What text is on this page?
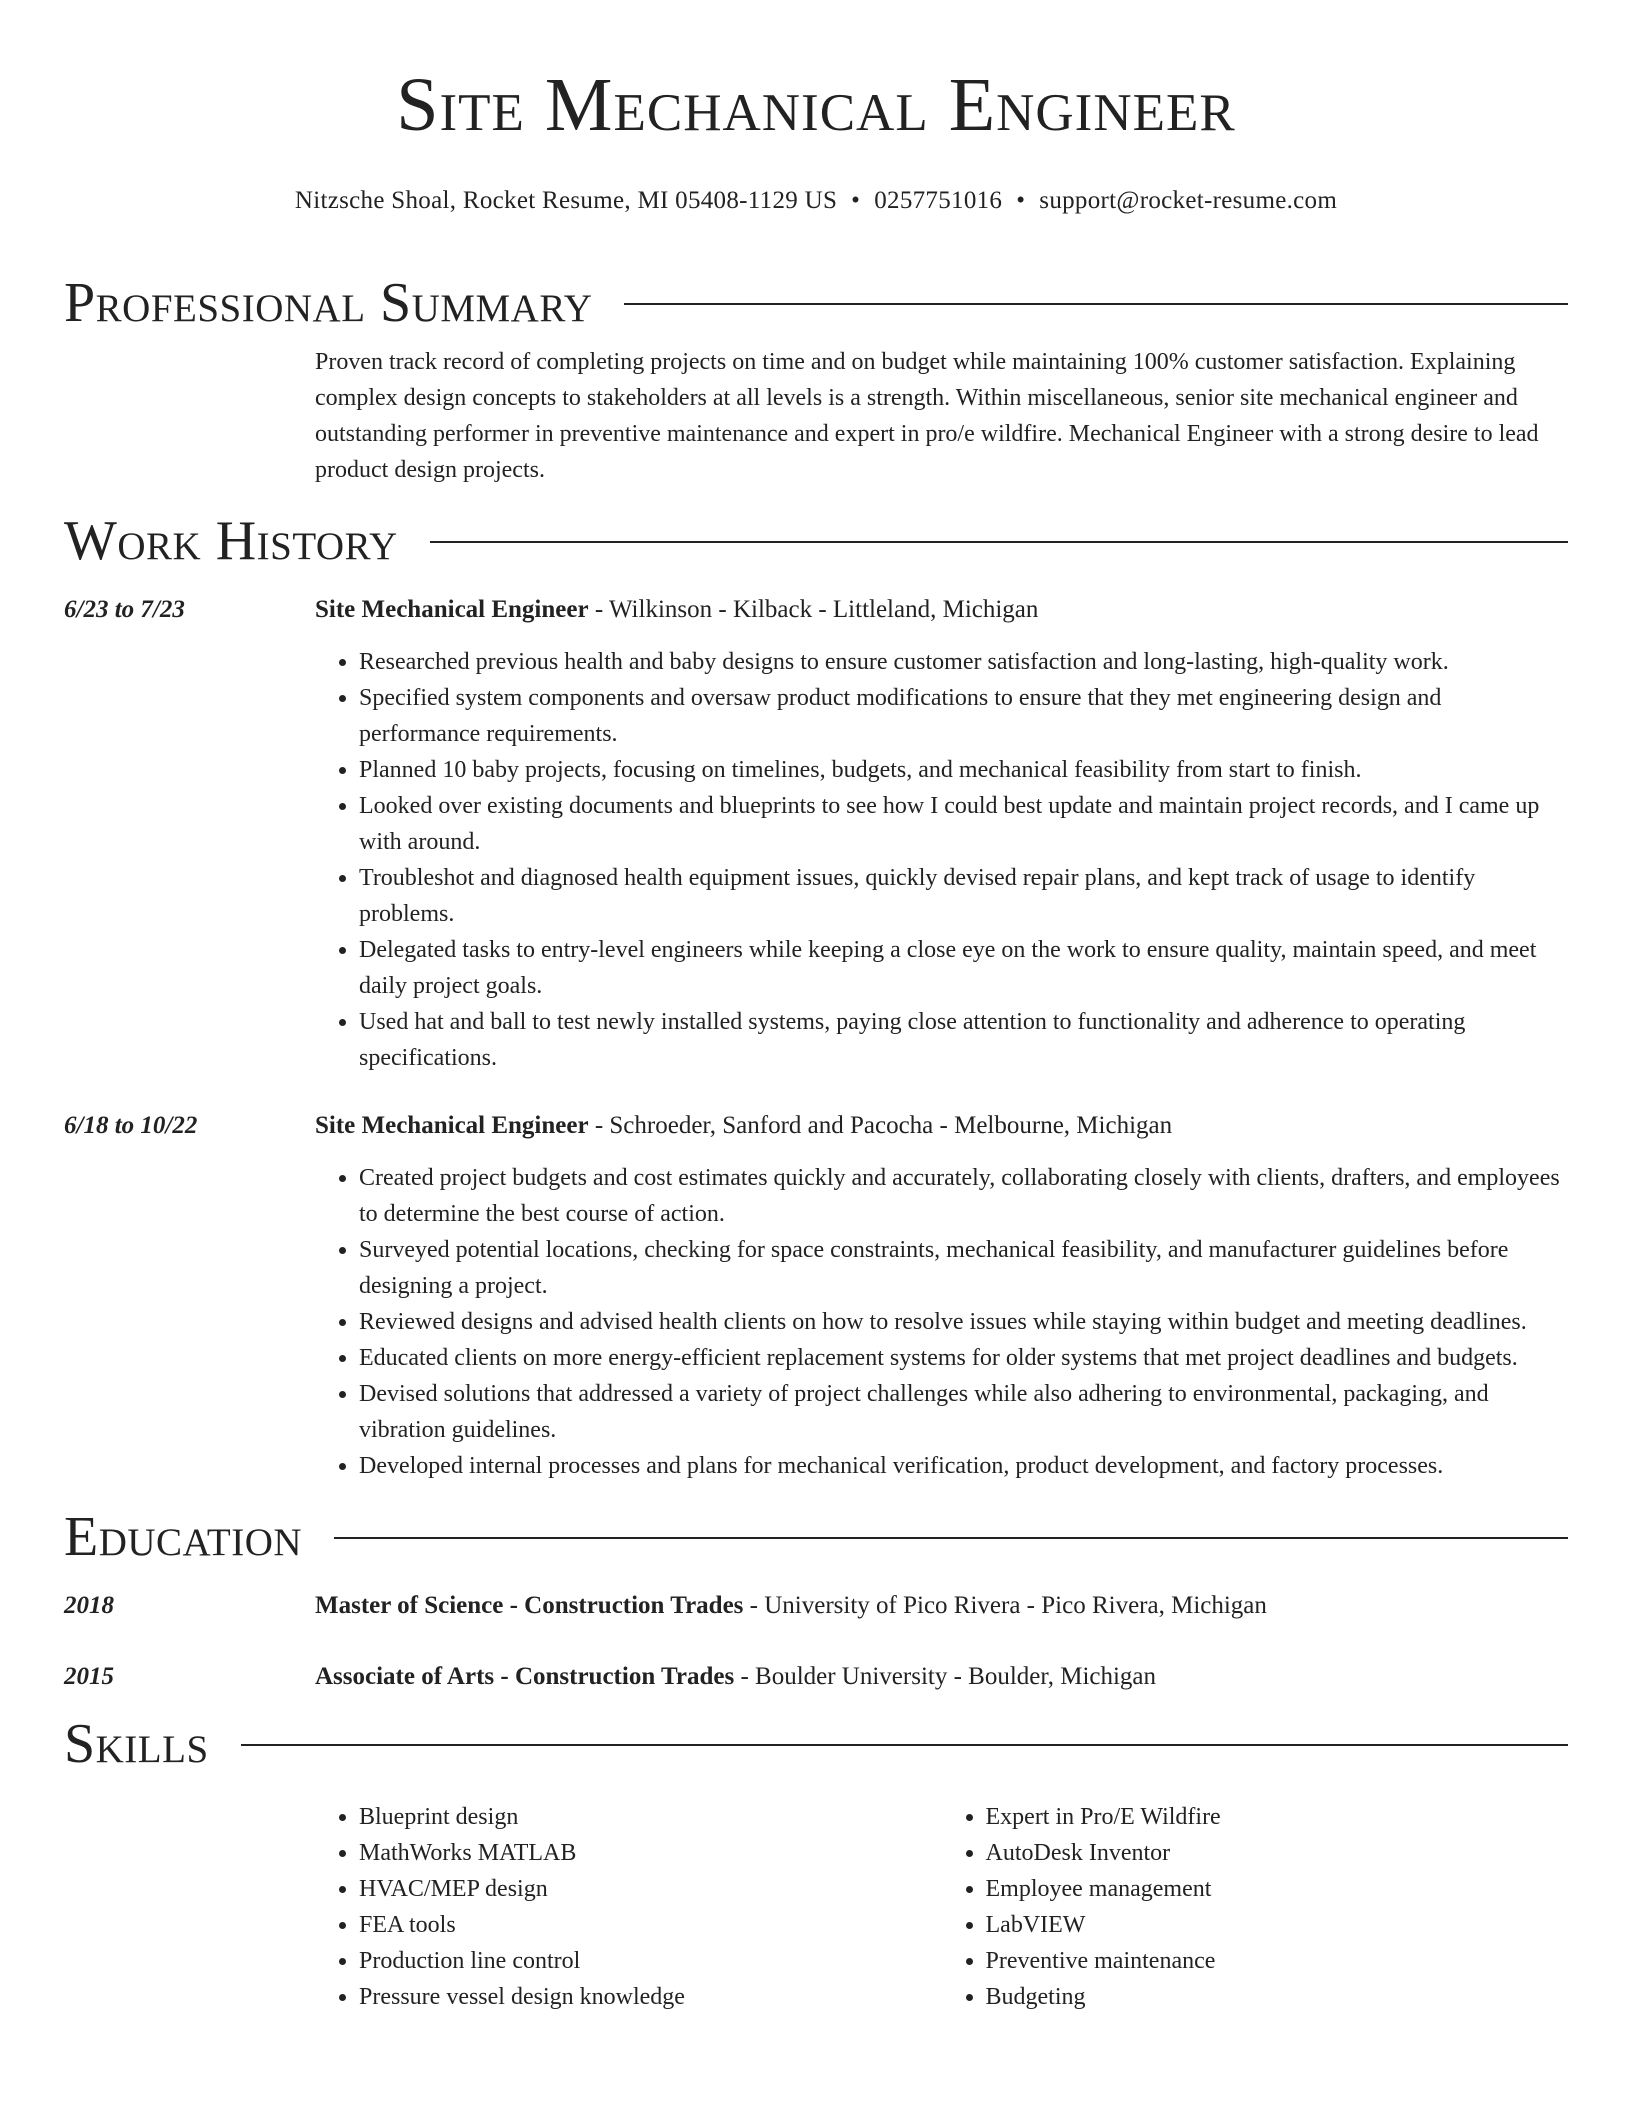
Site Mechanical Engineer
Nitzsche Shoal, Rocket Resume, MI 05408-1129 US • 0257751016 • support@rocket-resume.com
Professional Summary

Proven track record of completing projects on time and on budget while maintaining 100% customer satisfaction. Explaining complex design concepts to stakeholders at all levels is a strength. Within miscellaneous, senior site mechanical engineer and outstanding performer in preventive maintenance and expert in pro/e wildfire. Mechanical Engineer with a strong desire to lead product design projects.

Work History
6/23 to 7/23	Site Mechanical Engineer - Wilkinson - Kilback - Littleland, Michigan
• Researched previous health and baby designs to ensure customer satisfaction and long-lasting, high-quality work.
• Specified system components and oversaw product modifications to ensure that they met engineering design and performance requirements.
• Planned 10 baby projects, focusing on timelines, budgets, and mechanical feasibility from start to finish.
• Looked over existing documents and blueprints to see how I could best update and maintain project records, and I came up with around.
• Troubleshot and diagnosed health equipment issues, quickly devised repair plans, and kept track of usage to identify problems.
• Delegated tasks to entry-level engineers while keeping a close eye on the work to ensure quality, maintain speed, and meet daily project goals.
• Used hat and ball to test newly installed systems, paying close attention to functionality and adherence to operating specifications.
6/18 to 10/22	Site Mechanical Engineer - Schroeder, Sanford and Pacocha - Melbourne, Michigan
• Created project budgets and cost estimates quickly and accurately, collaborating closely with clients, drafters, and employees to determine the best course of action.
• Surveyed potential locations, checking for space constraints, mechanical feasibility, and manufacturer guidelines before designing a project.
• Reviewed designs and advised health clients on how to resolve issues while staying within budget and meeting deadlines.
• Educated clients on more energy-efficient replacement systems for older systems that met project deadlines and budgets.
• Devised solutions that addressed a variety of project challenges while also adhering to environmental, packaging, and vibration guidelines.
• Developed internal processes and plans for mechanical verification, product development, and factory processes.
Education
2018	Master of Science - Construction Trades - University of Pico Rivera - Pico Rivera, Michigan
2015	Associate of Arts - Construction Trades - Boulder University - Boulder, Michigan
Skills
• Blueprint design
• MathWorks MATLAB
• HVAC/MEP design
• FEA tools
• Production line control
• Pressure vessel design knowledge
• Expert in Pro/E Wildfire
• AutoDesk Inventor
• Employee management
• LabVIEW
• Preventive maintenance
• Budgeting
